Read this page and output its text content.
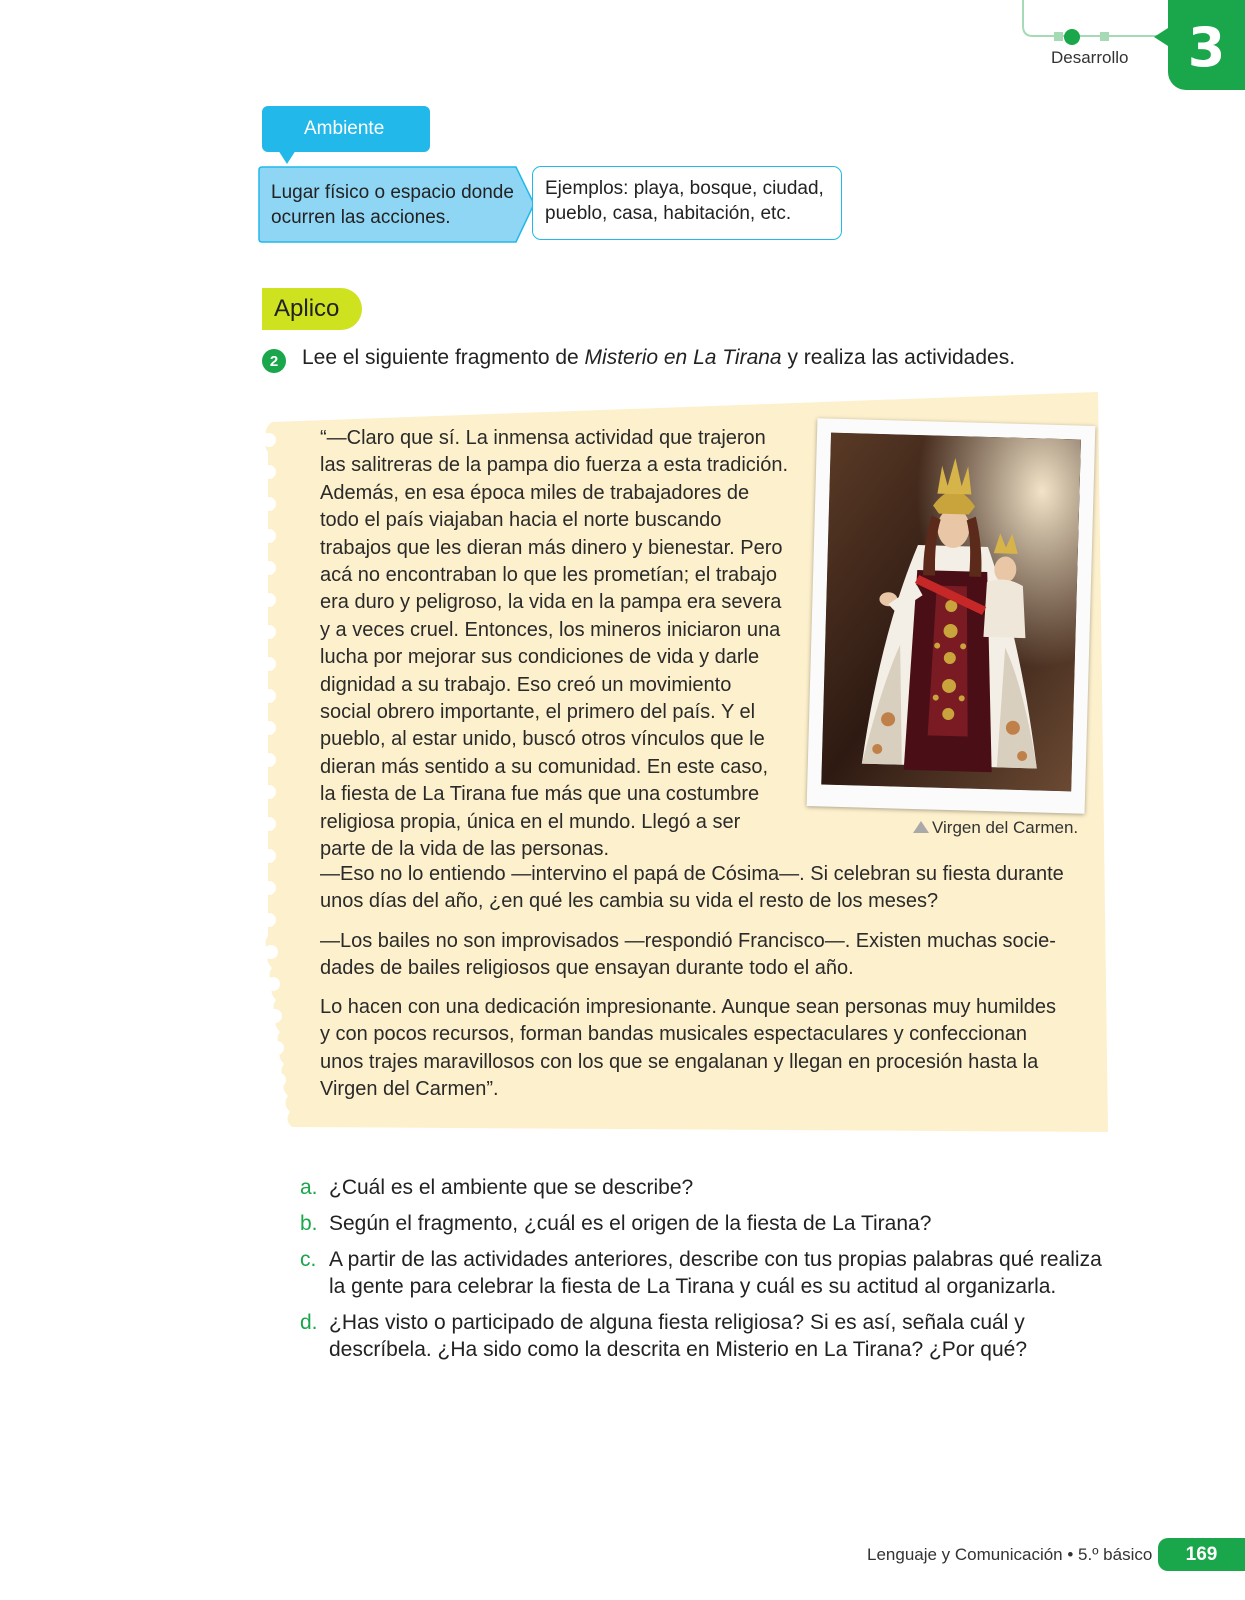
Desarrollo 3
Ambiente
Lugar físico o espacio donde ocurren las acciones.
Ejemplos: playa, bosque, ciudad, pueblo, casa, habitación, etc.
Aplico
2	Lee el siguiente fragmento de Misterio en La Tirana y realiza las actividades.

“—Claro que sí. La inmensa actividad que trajeron

las salitreras de la pampa dio fuerza a esta tradición.

Además, en esa época miles de trabajadores de

todo el país viajaban hacia el norte buscando

trabajos que les dieran más dinero y bienestar. Pero

acá no encontraban lo que les prometían; el trabajo

era duro y peligroso, la vida en la pampa era severa

y a veces cruel. Entonces, los mineros iniciaron una

lucha por mejorar sus condiciones de vida y darle

dignidad a su trabajo. Eso creó un movimiento

social obrero importante, el primero del país. Y el

pueblo, al estar unido, buscó otros vínculos que le

dieran más sentido a su comunidad. En este caso,

la fiesta de La Tirana fue más que una costumbre

religiosa propia, única en el mundo. Llegó a ser

parte de la vida de las personas.

Virgen del Carmen.

—Eso no lo entiendo —intervino el papá de Cósima—. Si celebran su fiesta durante

unos días del año, ¿en qué les cambia su vida el resto de los meses?

—Los bailes no son improvisados —respondió Francisco—. Existen muchas socie-

dades de bailes religiosos que ensayan durante todo el año.

Lo hacen con una dedicación impresionante. Aunque sean personas muy humildes

y con pocos recursos, forman bandas musicales espectaculares y confeccionan

unos trajes maravillosos con los que se engalanan y llegan en procesión hasta la

Virgen del Carmen”.

a. ¿Cuál es el ambiente que se describe?
b. Según el fragmento, ¿cuál es el origen de la fiesta de La Tirana?
c. A partir de las actividades anteriores, describe con tus propias palabras qué realiza la gente para celebrar la fiesta de La Tirana y cuál es su actitud al organizarla.
d. ¿Has visto o participado de alguna fiesta religiosa? Si es así, señala cuál y descríbela. ¿Ha sido como la descrita en Misterio en La Tirana? ¿Por qué?
Lenguaje y Comunicación • 5.º básico	169
